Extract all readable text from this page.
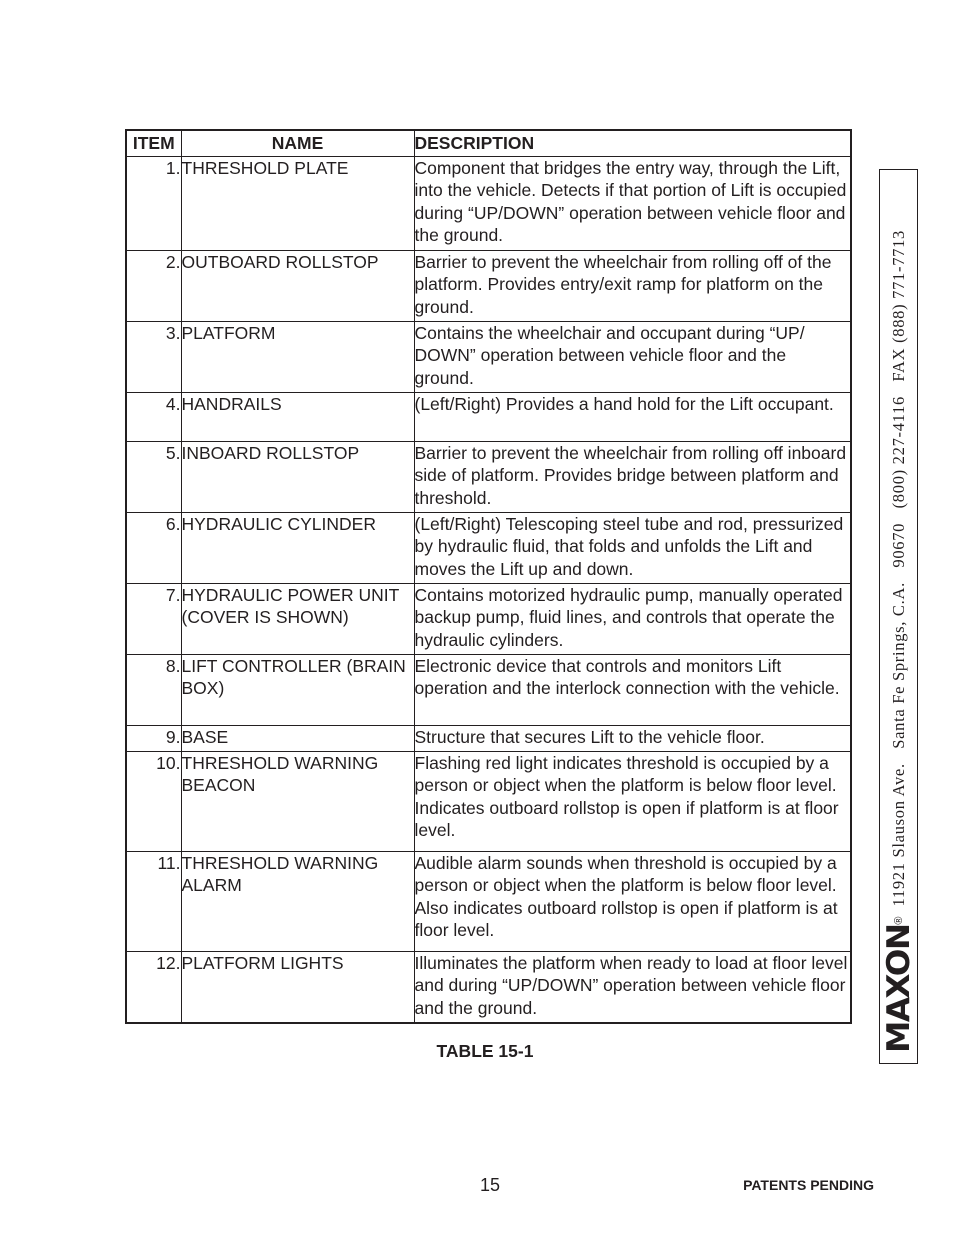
ITEM	NAME	DESCRIPTION
1.	THRESHOLD PLATE	Component that bridges the entry way, through the Lift, into the vehicle. Detects if that portion of Lift is occupied during “UP/DOWN” operation between vehicle floor and the ground.
2.	OUTBOARD ROLLSTOP	Barrier to prevent the wheelchair from rolling off of the platform. Provides entry/exit ramp for platform on the ground.
3.	PLATFORM	Contains the wheelchair and occupant during “UP/ DOWN” operation between vehicle floor and the ground.
4.	HANDRAILS	(Left/Right) Provides a hand hold for the Lift occupant.
5.	INBOARD ROLLSTOP	Barrier to prevent the wheelchair from rolling off inboard side of platform. Provides bridge between platform and threshold.
6.	HYDRAULIC CYLINDER	(Left/Right) Telescoping steel tube and rod, pressurized by hydraulic fluid, that folds and unfolds the Lift and moves the Lift up and down.
7.	HYDRAULIC POWER UNIT (COVER IS SHOWN)	Contains motorized hydraulic pump, manually operated backup pump, fluid lines, and controls that operate the hydraulic cylinders.
8.	LIFT CONTROLLER (BRAIN BOX)	Electronic device that controls and monitors Lift operation and the interlock connection with the vehicle.
9.	BASE	Structure that secures Lift to the vehicle floor.
10.	THRESHOLD WARNING BEACON	Flashing red light indicates threshold is occupied by a person or object when the platform is below floor level. Indicates outboard rollstop is open if platform is at floor level.
11.	THRESHOLD WARNING ALARM	Audible alarm sounds when threshold is occupied by a person or object when the platform is below floor level. Also indicates outboard rollstop is open if platform is at floor level.
12.	PLATFORM LIGHTS	Illuminates the platform when ready to load at floor level and during “UP/DOWN” operation between vehicle floor and the ground.
TABLE 15-1
15	PATENTS PENDING
MAXON
®
11921 Slauson Ave.   Santa Fe Springs, C.A.   90670   (800) 227-4116   FAX (888) 771-7713
